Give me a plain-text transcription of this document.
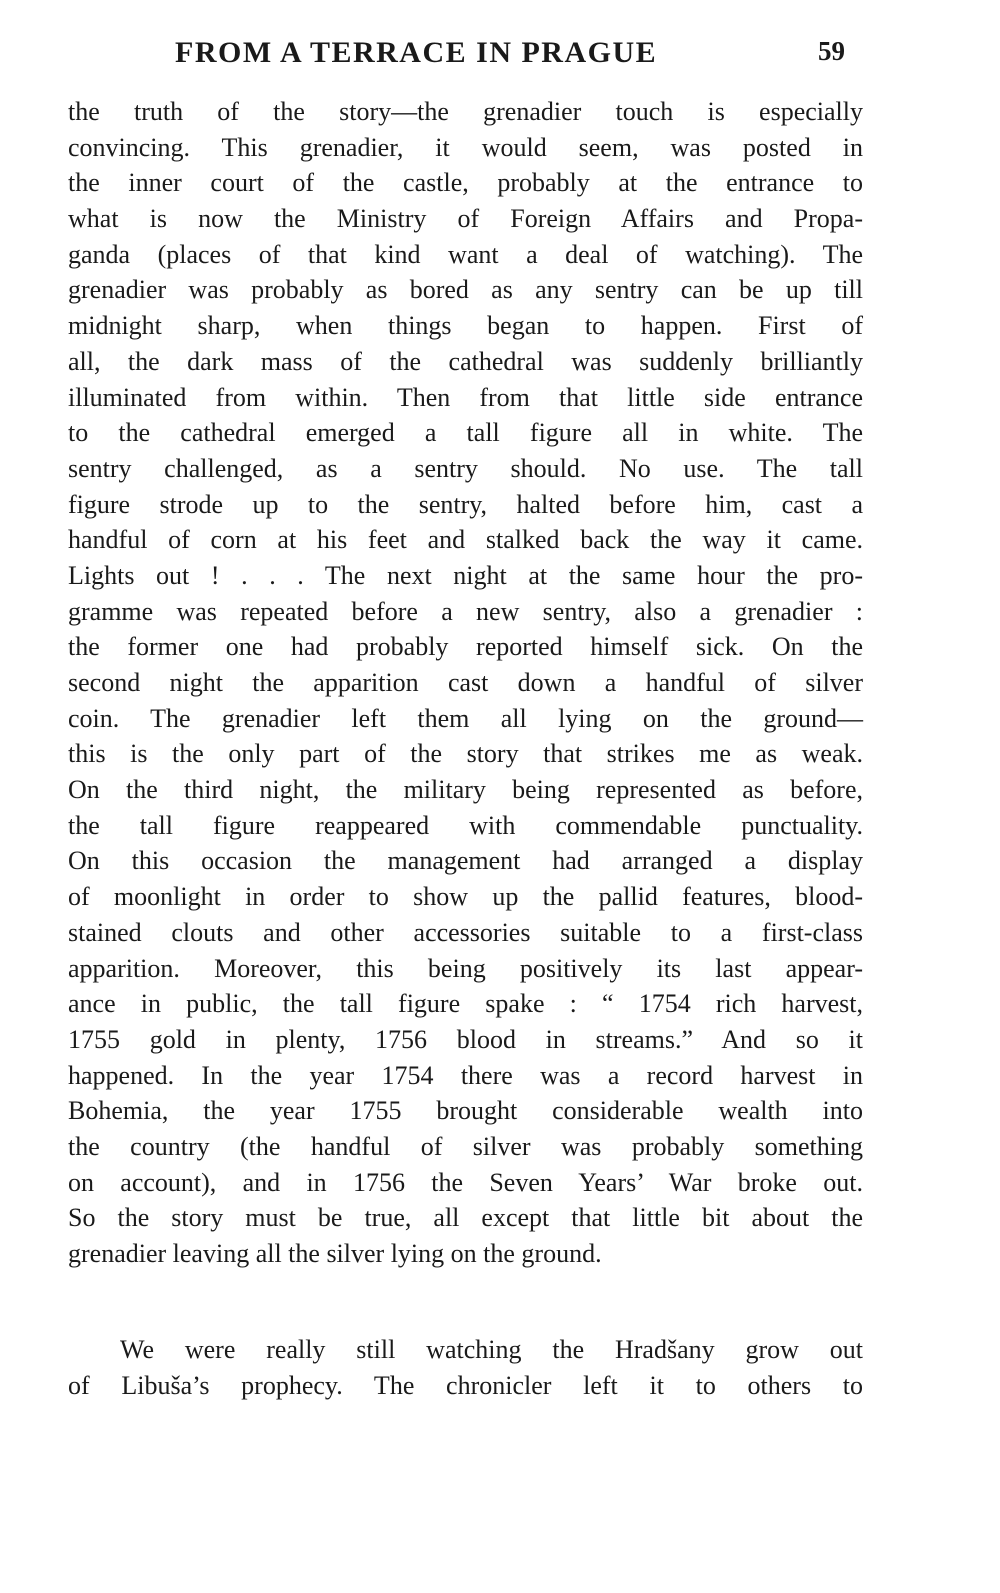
FROM A TERRACE IN PRAGUE	59
the truth of the story—the grenadier touch is especially
convincing. This grenadier, it would seem, was posted in
the inner court of the castle, probably at the entrance to
what is now the Ministry of Foreign Affairs and Propa-
ganda (places of that kind want a deal of watching). The
grenadier was probably as bored as any sentry can be up till
midnight sharp, when things began to happen. First of
all, the dark mass of the cathedral was suddenly brilliantly
illuminated from within. Then from that little side entrance
to the cathedral emerged a tall figure all in white. The
sentry challenged, as a sentry should. No use. The tall
figure strode up to the sentry, halted before him, cast a
handful of corn at his feet and stalked back the way it came.
Lights out ! . . . The next night at the same hour the pro-
gramme was repeated before a new sentry, also a grenadier :
the former one had probably reported himself sick. On the
second night the apparition cast down a handful of silver
coin. The grenadier left them all lying on the ground—
this is the only part of the story that strikes me as weak.
On the third night, the military being represented as before,
the tall figure reappeared with commendable punctuality.
On this occasion the management had arranged a display
of moonlight in order to show up the pallid features, blood-
stained clouts and other accessories suitable to a first-class
apparition. Moreover, this being positively its last appear-
ance in public, the tall figure spake : “ 1754 rich harvest,
1755 gold in plenty, 1756 blood in streams.” And so it
happened. In the year 1754 there was a record harvest in
Bohemia, the year 1755 brought considerable wealth into
the country (the handful of silver was probably something
on account), and in 1756 the Seven Years’ War broke out.
So the story must be true, all except that little bit about the
grenadier leaving all the silver lying on the ground.
We were really still watching the Hradšany grow out
of Libuša’s prophecy. The chronicler left it to others to
